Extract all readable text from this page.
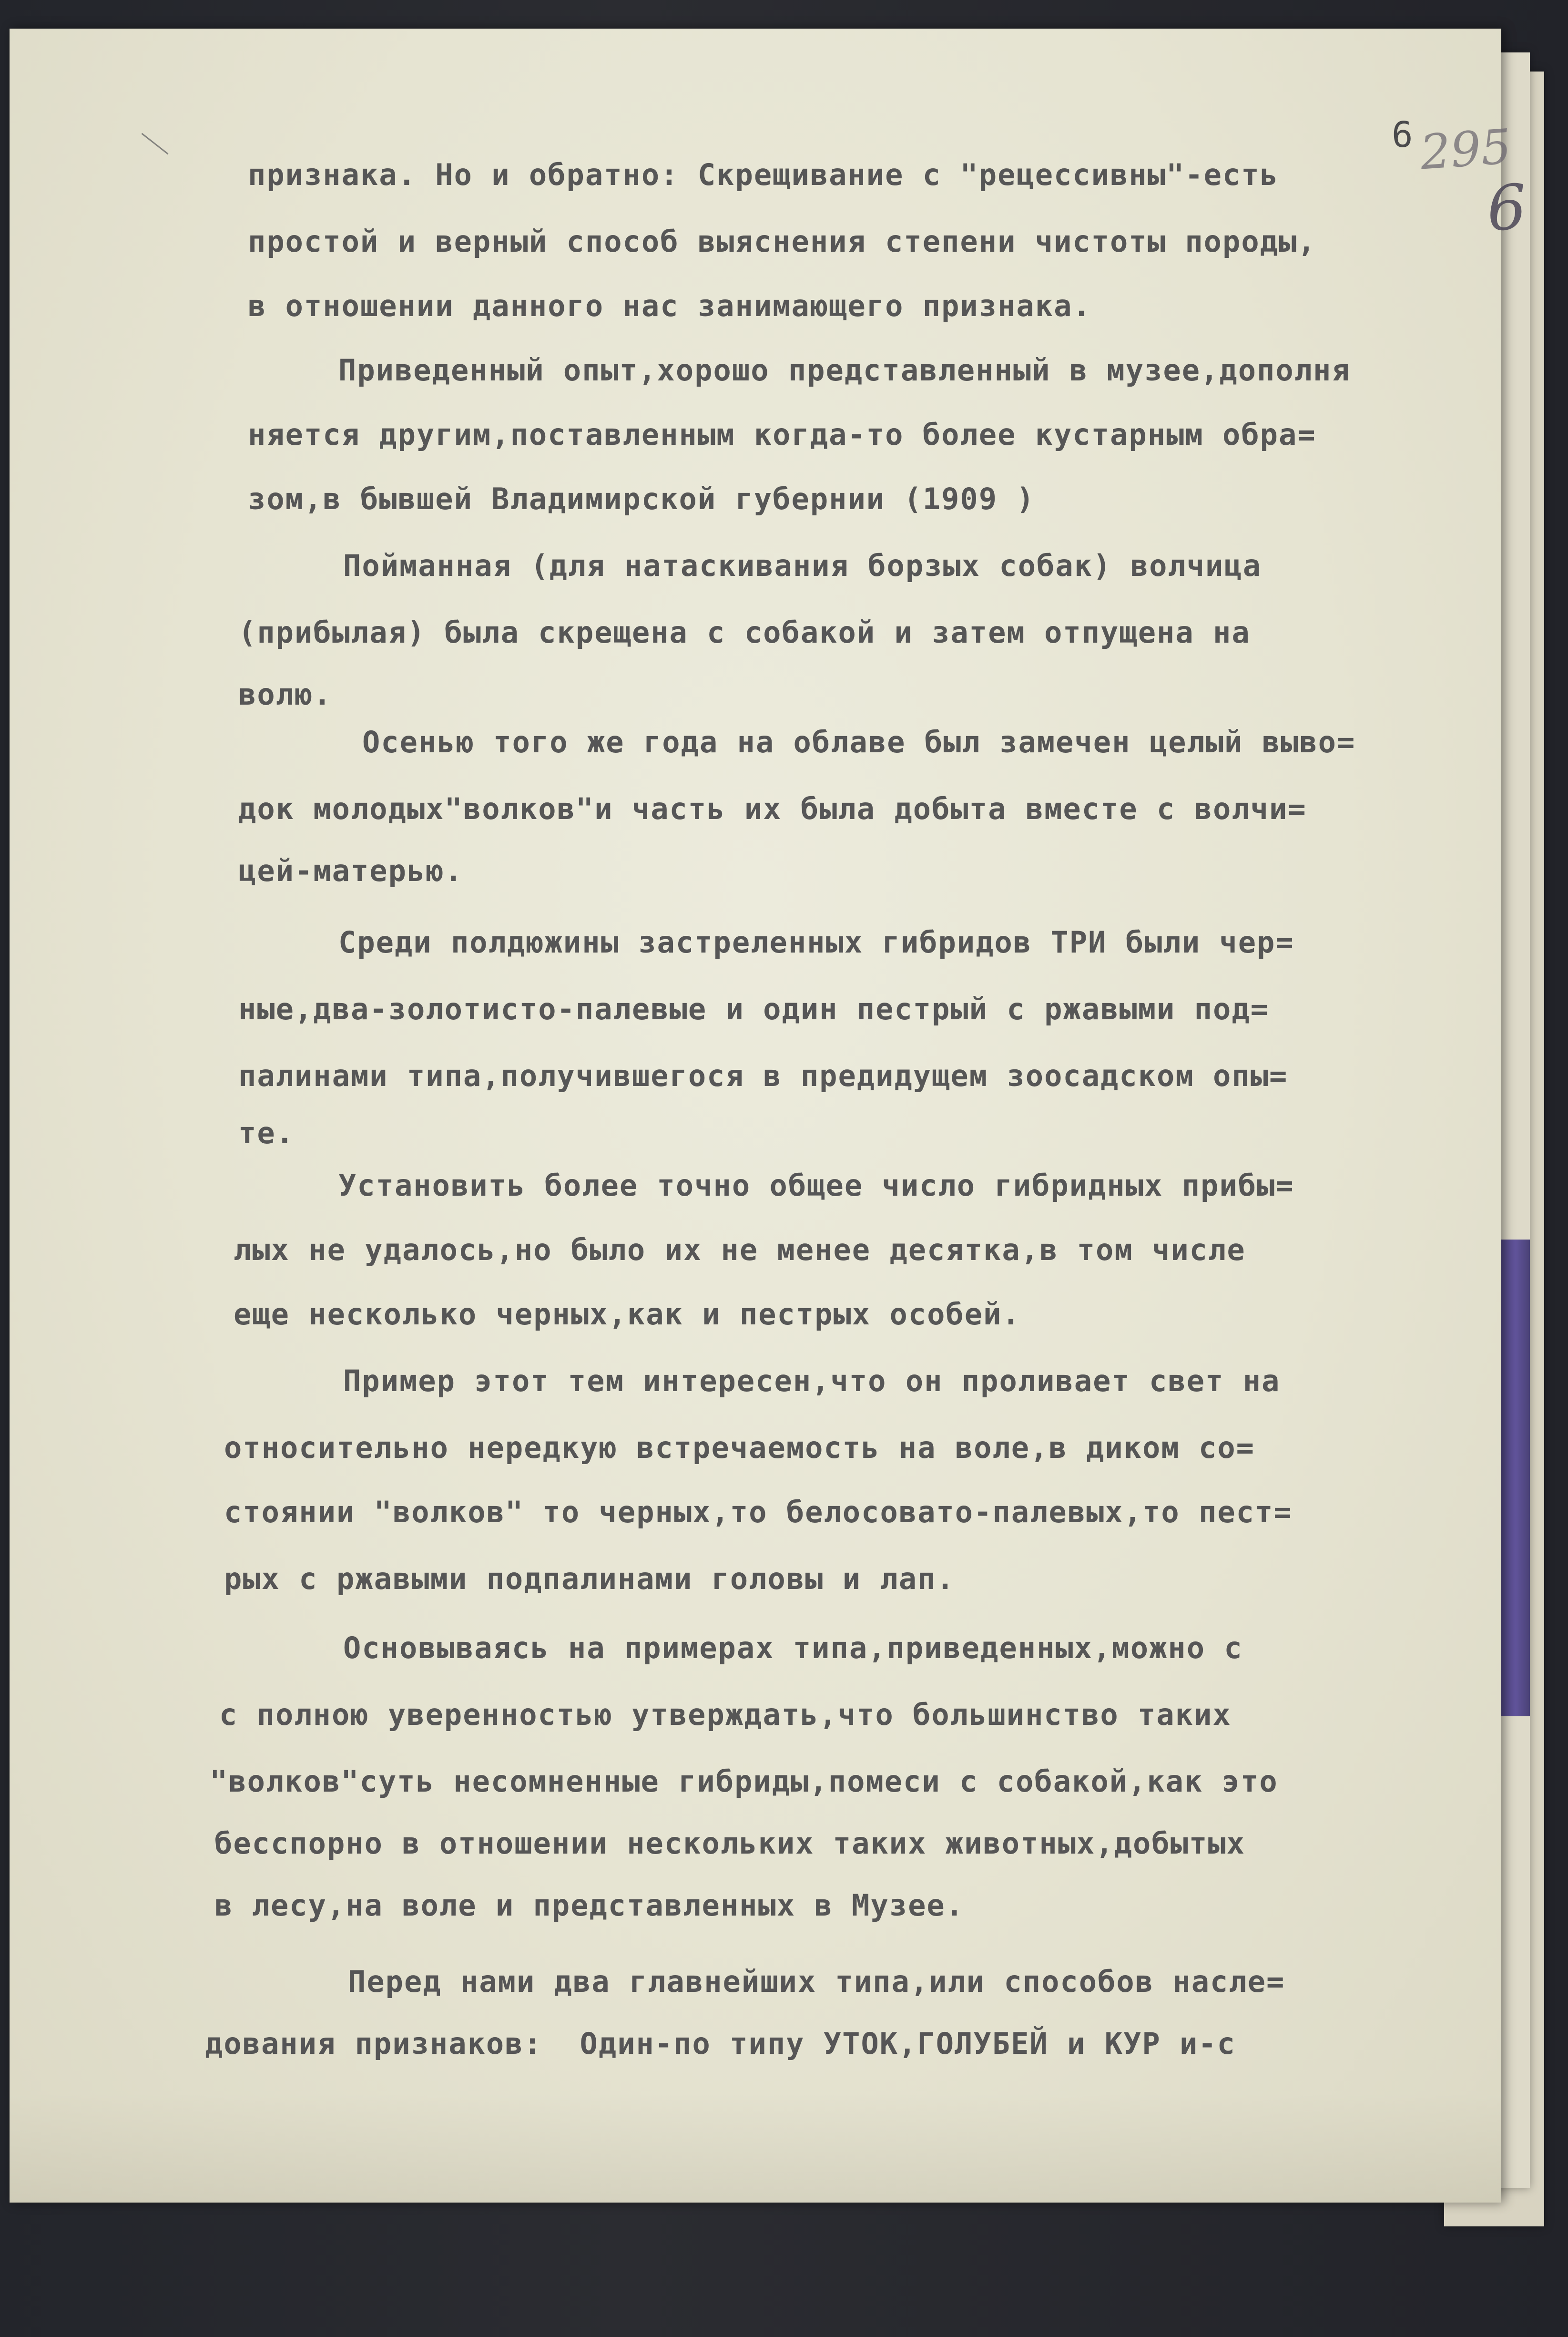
6 295
6
признака. Но и обратно: Скрещивание с "рецессивны"-есть
простой и верный способ выяснения степени чистоты породы,
в отношении данного нас занимающего признака.
Приведенный опыт,хорошо представленный в музее,дополня
няется другим,поставленным когда-то более кустарным обра=
зом,в бывшей Владимирской губернии (1909 )
Пойманная (для натаскивания борзых собак) волчица
(прибылая) была скрещена с собакой и затем отпущена на
волю.
Осенью того же года на облаве был замечен целый выво=
док молодых"волков"и часть их была добыта вместе с волчи=
цей-матерью.
Среди полдюжины застреленных гибридов ТРИ были чер=
ные,два-золотисто-палевые и один пестрый с ржавыми под=
палинами типа,получившегося в предидущем зоосадском опы=
те.
Установить более точно общее число гибридных прибы=
лых не удалось,но было их не менее десятка,в том числе
еще несколько черных,как и пестрых особей.
Пример этот тем интересен,что он проливает свет на
относительно нередкую встречаемость на воле,в диком со=
стоянии "волков" то черных,то белосовато-палевых,то пест=
рых с ржавыми подпалинами головы и лап.
Основываясь на примерах типа,приведенных,можно с
с полною уверенностью утверждать,что большинство таких
"волков"суть несомненные гибриды,помеси с собакой,как это
бесспорно в отношении нескольких таких животных,добытых
в лесу,на воле и представленных в Музее.
Перед нами два главнейших типа,или способов насле=
дования признаков:  Один-по типу УТОК,ГОЛУБЕЙ и КУР и-с
